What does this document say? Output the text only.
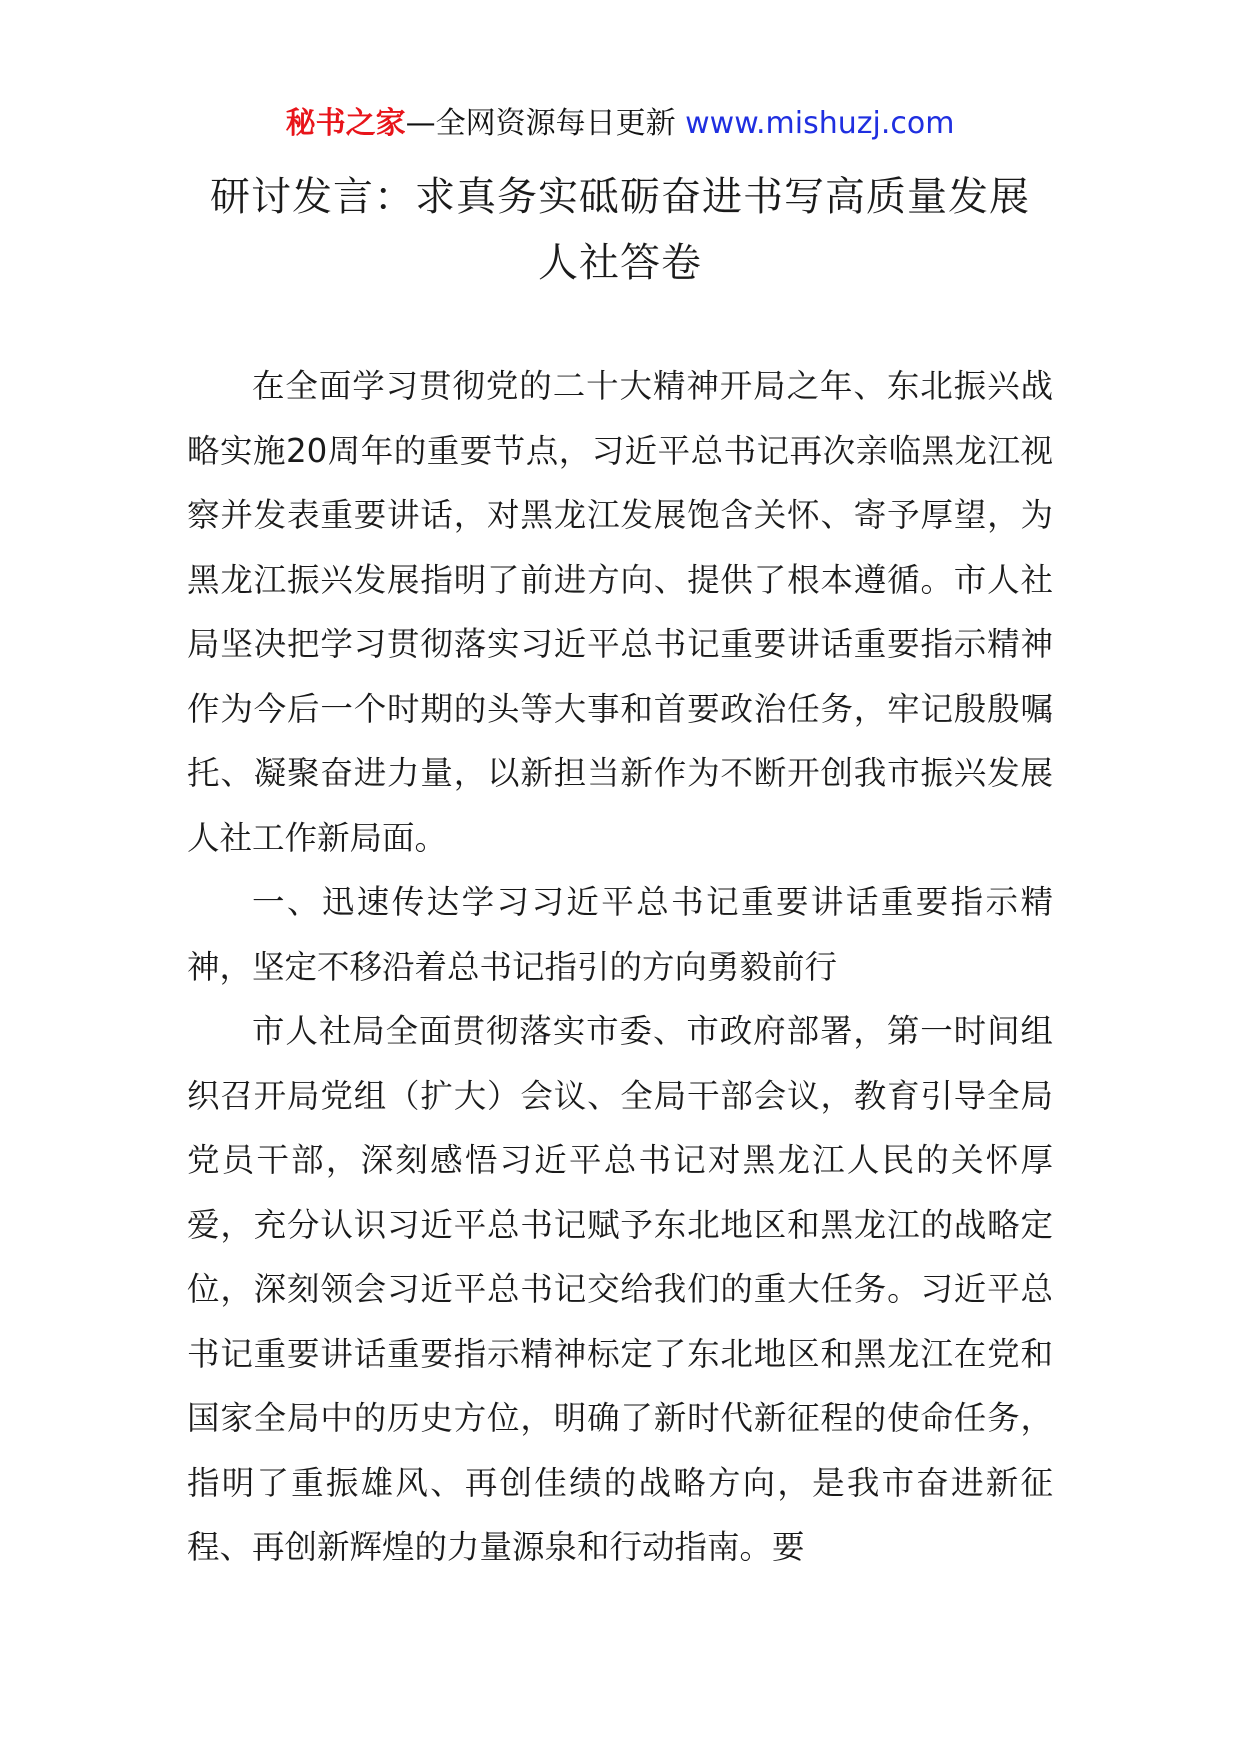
秘书之家—全网资源每日更新 www.mishuzj.com
研讨发言：求真务实砥砺奋进书写高质量发展
人社答卷

在全面学习贯彻党的二十大精神开局之年、东北振兴战略实施20周年的重要节点，习近平总书记再次亲临黑龙江视察并发表重要讲话，对黑龙江发展饱含关怀、寄予厚望，为黑龙江振兴发展指明了前进方向、提供了根本遵循。市人社局坚决把学习贯彻落实习近平总书记重要讲话重要指示精神作为今后一个时期的头等大事和首要政治任务，牢记殷殷嘱托、凝聚奋进力量，以新担当新作为不断开创我市振兴发展人社工作新局面。

一、迅速传达学习习近平总书记重要讲话重要指示精神，坚定不移沿着总书记指引的方向勇毅前行

市人社局全面贯彻落实市委、市政府部署，第一时间组织召开局党组（扩大）会议、全局干部会议，教育引导全局党员干部，深刻感悟习近平总书记对黑龙江人民的关怀厚爱，充分认识习近平总书记赋予东北地区和黑龙江的战略定位，深刻领会习近平总书记交给我们的重大任务。习近平总书记重要讲话重要指示精神标定了东北地区和黑龙江在党和国家全局中的历史方位，明确了新时代新征程的使命任务，指明了重振雄风、再创佳绩的战略方向，是我市奋进新征程、再创新辉煌的力量源泉和行动指南。要
